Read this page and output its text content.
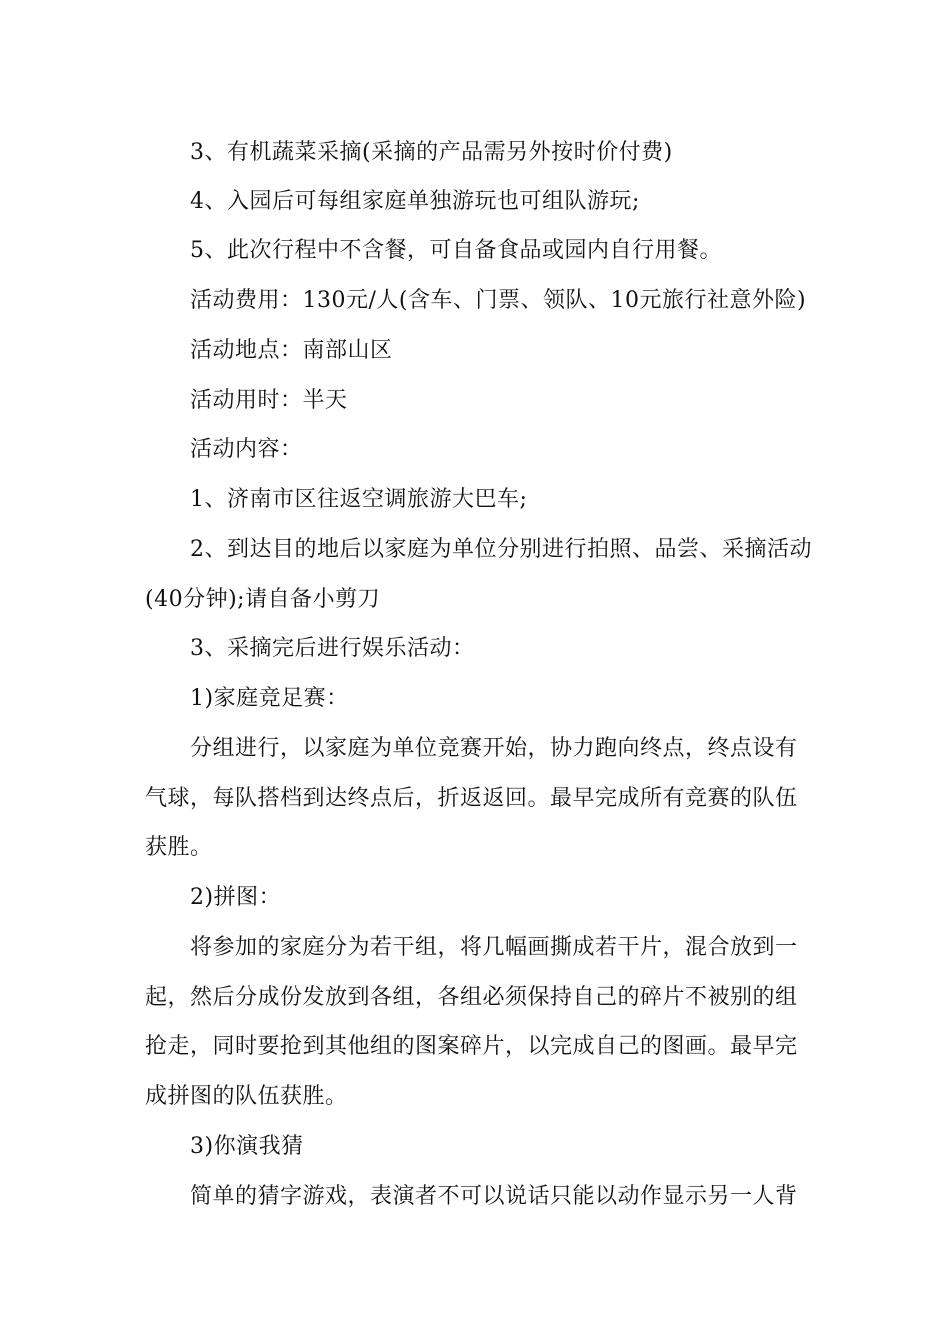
3、有机蔬菜采摘(采摘的产品需另外按时价付费)
4、入园后可每组家庭单独游玩也可组队游玩;
5、此次行程中不含餐，可自备食品或园内自行用餐。
活动费用：130元/人(含车、门票、领队、10元旅行社意外险)
活动地点：南部山区
活动用时：半天
活动内容：
1、济南市区往返空调旅游大巴车;
2、到达目的地后以家庭为单位分别进行拍照、品尝、采摘活动
(40分钟);请自备小剪刀
3、采摘完后进行娱乐活动：
1)家庭竞足赛：
分组进行，以家庭为单位竞赛开始，协力跑向终点，终点设有
气球，每队搭档到达终点后，折返返回。最早完成所有竞赛的队伍
获胜。
2)拼图：
将参加的家庭分为若干组，将几幅画撕成若干片，混合放到一
起，然后分成份发放到各组，各组必须保持自己的碎片不被别的组
抢走，同时要抢到其他组的图案碎片，以完成自己的图画。最早完
成拼图的队伍获胜。
3)你演我猜
简单的猜字游戏，表演者不可以说话只能以动作显示另一人背
